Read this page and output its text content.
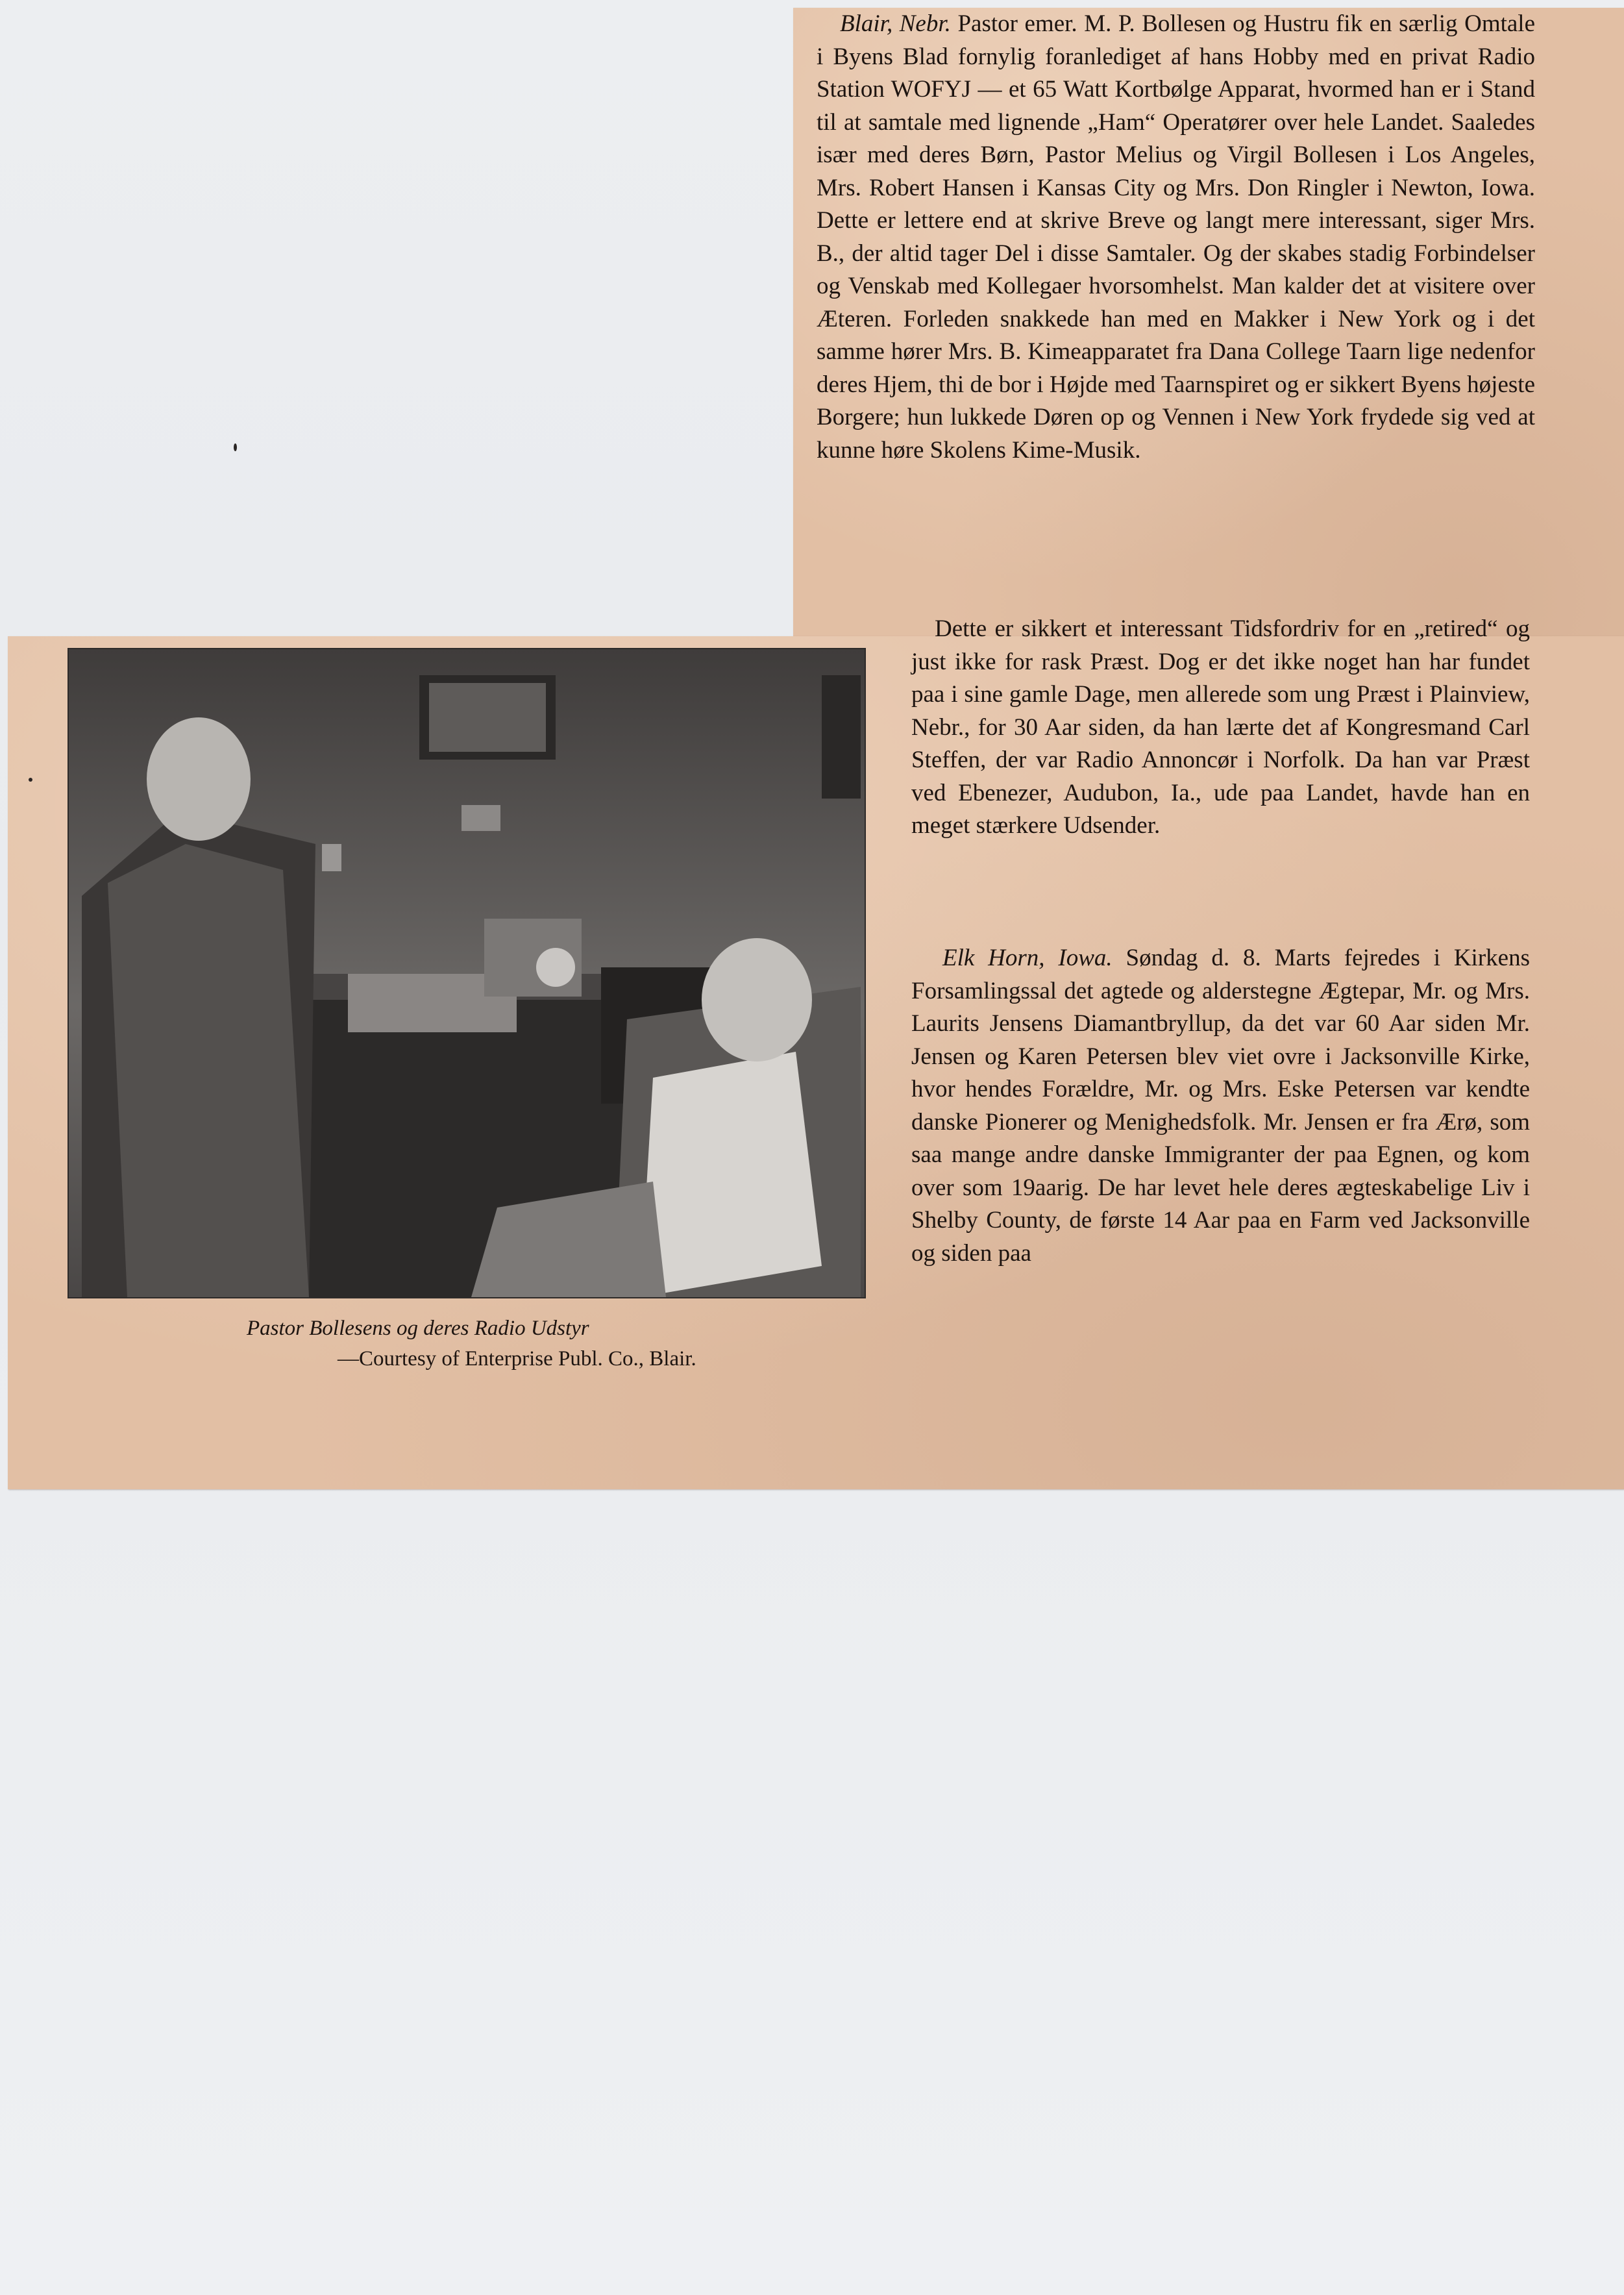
Blair, Nebr. Pastor emer. M. P. Bollesen og Hustru fik en særlig Omtale i Byens Blad fornylig foranlediget af hans Hobby med en privat Radio Station WOFYJ — et 65 Watt Kortbølge Apparat, hvormed han er i Stand til at samtale med lignende „Ham“ Operatører over hele Landet. Saaledes især med deres Børn, Pastor Melius og Virgil Bollesen i Los Angeles, Mrs. Robert Hansen i Kansas City og Mrs. Don Ringler i Newton, Iowa. Dette er lettere end at skrive Breve og langt mere interessant, siger Mrs. B., der altid tager Del i disse Samtaler. Og der skabes stadig Forbindelser og Venskab med Kollegaer hvorsomhelst. Man kalder det at visitere over Æteren. Forleden snakkede han med en Makker i New York og i det samme hører Mrs. B. Kimeapparatet fra Dana College Taarn lige nedenfor deres Hjem, thi de bor i Højde med Taarnspiret og er sikkert Byens højeste Borgere; hun lukkede Døren op og Vennen i New York frydede sig ved at kunne høre Skolens Kime-Musik.
Dette er sikkert et interessant Tidsfordriv for en „retired“ og just ikke for rask Præst. Dog er det ikke noget han har fundet paa i sine gamle Dage, men allerede som ung Præst i Plainview, Nebr., for 30 Aar siden, da han lærte det af Kongresmand Carl Steffen, der var Radio Annoncør i Norfolk. Da han var Præst ved Ebenezer, Audubon, Ia., ude paa Landet, havde han en meget stærkere Udsender.
Elk Horn, Iowa. Søndag d. 8. Marts fejredes i Kirkens Forsamlingssal det agtede og alderstegne Ægtepar, Mr. og Mrs. Laurits Jensens Diamantbryllup, da det var 60 Aar siden Mr. Jensen og Karen Petersen blev viet ovre i Jacksonville Kirke, hvor hendes Forældre, Mr. og Mrs. Eske Petersen var kendte danske Pionerer og Menighedsfolk. Mr. Jensen er fra Ærø, som saa mange andre danske Immigranter der paa Egnen, og kom over som 19aarig. De har levet hele deres ægteskabelige Liv i Shelby County, de første 14 Aar paa en Farm ved Jacksonville og siden paa
Pastor Bollesens og deres Radio Udstyr
—Courtesy of Enterprise Publ. Co., Blair.
